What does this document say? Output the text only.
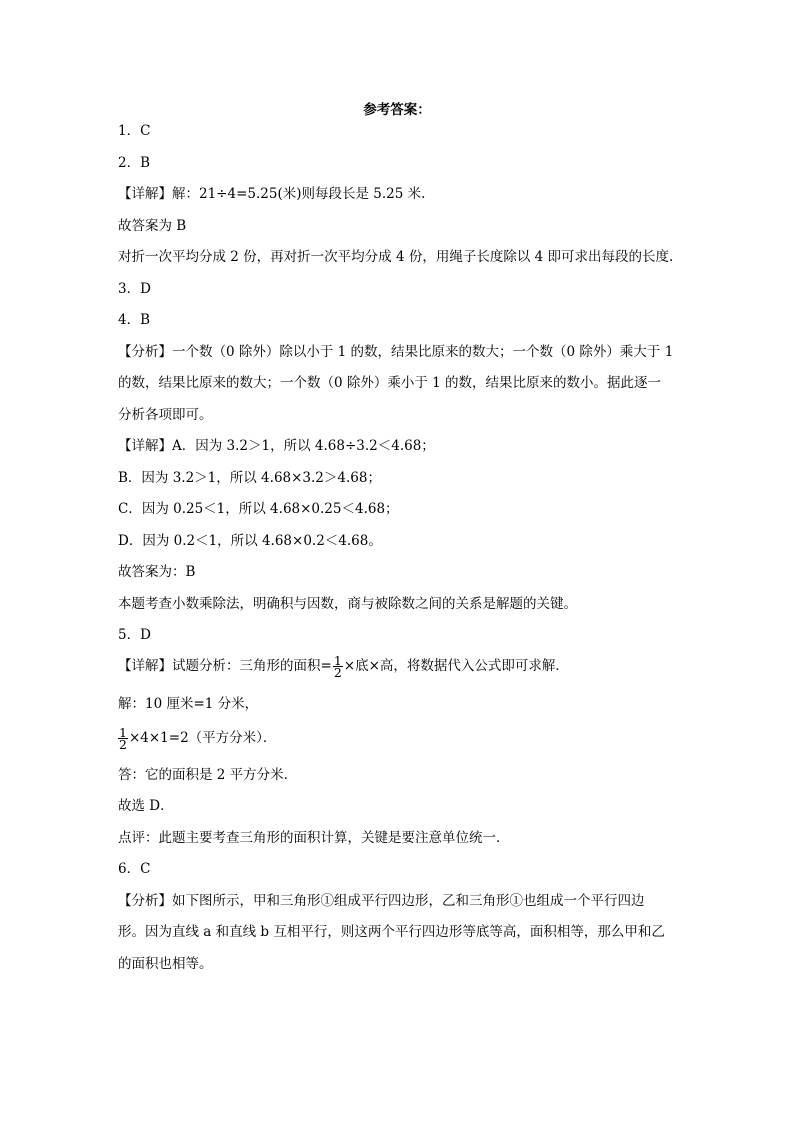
参考答案：
1．C
2．B
【详解】解：21÷4=5.25(米)则每段长是 5.25 米.
故答案为 B
对折一次平均分成 2 份，再对折一次平均分成 4 份，用绳子长度除以 4 即可求出每段的长度.
3．D
4．B
【分析】一个数（0 除外）除以小于 1 的数，结果比原来的数大；一个数（0 除外）乘大于 1
的数，结果比原来的数大；一个数（0 除外）乘小于 1 的数，结果比原来的数小。据此逐一
分析各项即可。
【详解】A．因为 3.2＞1，所以 4.68÷3.2＜4.68；
B．因为 3.2＞1，所以 4.68×3.2＞4.68；
C．因为 0.25＜1，所以 4.68×0.25＜4.68；
D．因为 0.2＜1，所以 4.68×0.2＜4.68。
故答案为：B
本题考查小数乘除法，明确积与因数，商与被除数之间的关系是解题的关键。
5．D
【详解】试题分析：三角形的面积= $\frac{1}{2}$ ×底×高，将数据代入公式即可求解．
解：10 厘米=1 分米，
$\frac{1}{2} \times 4\times 1=2$（平方分米）．
答：它的面积是 2 平方分米．
故选 D．
点评：此题主要考查三角形的面积计算，关键是要注意单位统一．
6．C
【分析】如下图所示，甲和三角形①组成平行四边形，乙和三角形①也组成一个平行四边
形。因为直线 a 和直线 b 互相平行，则这两个平行四边形等底等高，面积相等，那么甲和乙
的面积也相等。
